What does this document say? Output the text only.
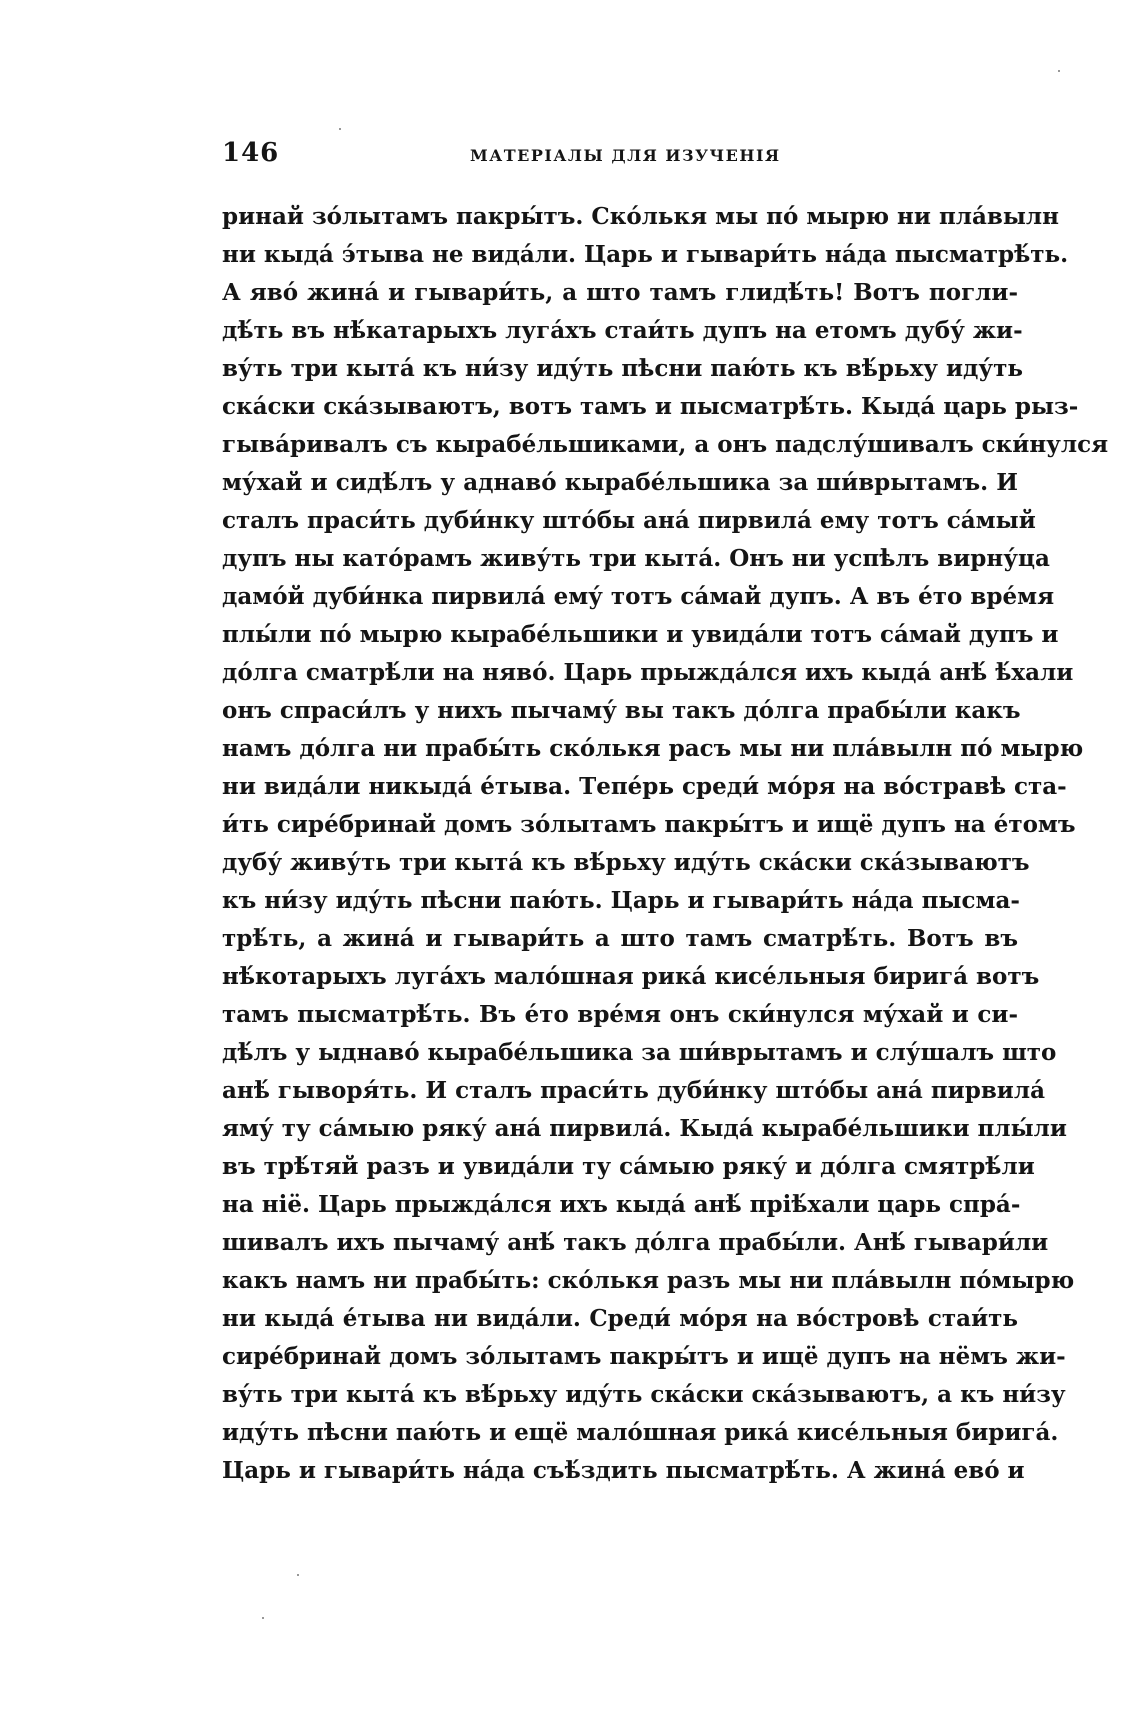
146	МАТЕРІАЛЫ ДЛЯ ИЗУЧЕНІЯ
ринай зо́лытамъ пакры́тъ. Ско́лькя мы по́ мырю ни пла́вылн
ни кыда́ э́тыва не вида́ли. Царь и гывари́ть на́да пысматрѣ́ть.
А яво́ жина́ и гывари́ть, а што тамъ глидѣ́ть! Вотъ погли-
дѣ́ть въ нѣ́катарыхъ луга́хъ стаи́ть дупъ на етомъ дубу́ жи-
ву́ть три кыта́ къ ни́зу иду́ть пѣсни паю́ть къ вѣ́рьху иду́ть
ска́ски ска́зываютъ, вотъ тамъ и пысматрѣ́ть. Кыда́ царь рыз-
гыва́ривалъ съ кырабе́льшиками, а онъ падслу́шивалъ ски́нулся
му́хай и сидѣ́лъ у аднаво́ кырабе́льшика за ши́врытамъ. И
сталъ праси́ть дуби́нку што́бы ана́ пирвила́ ему тотъ са́мый
дупъ ны като́рамъ живу́ть три кыта́. Онъ ни успѣлъ вирну́ца
дамо́й дуби́нка пирвила́ ему́ тотъ са́май дупъ. А въ е́то вре́мя
плы́ли по́ мырю кырабе́льшики и увида́ли тотъ са́май дупъ и
до́лга сматрѣ́ли на няво́. Царь прыжда́лся ихъ кыда́ анѣ́ ѣ́хали
онъ спраси́лъ у нихъ пычаму́ вы такъ до́лга прабы́ли какъ
намъ до́лга ни прабы́ть ско́лькя расъ мы ни пла́вылн по́ мырю
ни вида́ли никыда́ е́тыва. Тепе́рь среди́ мо́ря на во́стравѣ ста-
и́ть сире́бринай домъ зо́лытамъ пакры́тъ и ищё дупъ на е́томъ
дубу́ живу́ть три кыта́ къ вѣ́рьху иду́ть ска́ски ска́зываютъ
къ ни́зу иду́ть пѣсни паю́ть. Царь и гывари́ть на́да пысма-
трѣ́ть, а жина́ и гывари́ть а што тамъ сматрѣ́ть. Вотъ въ
нѣ́котарыхъ луга́хъ мало́шная рика́ кисе́льныя бирига́ вотъ
тамъ пысматрѣ́ть. Въ е́то вре́мя онъ ски́нулся му́хай и си-
дѣ́лъ у ыднаво́ кырабе́льшика за ши́врытамъ и слу́шалъ што
анѣ́ гыворя́ть. И сталъ праси́ть дуби́нку што́бы ана́ пирвила́
яму́ ту са́мыю ряку́ ана́ пирвила́. Кыда́ кырабе́льшики плы́ли
въ трѣ́тяй разъ и увида́ли ту са́мыю ряку́ и до́лга смятрѣ́ли
на нiё. Царь прыжда́лся ихъ кыда́ анѣ́ прiѣ́хали царь спра́-
шивалъ ихъ пычаму́ анѣ́ такъ до́лга прабы́ли. Анѣ́ гывари́ли
какъ намъ ни прабы́ть: ско́лькя разъ мы ни пла́вылн по́мырю
ни кыда́ е́тыва ни вида́ли. Среди́ мо́ря на во́стровѣ стаи́ть
сире́бринай домъ зо́лытамъ пакры́тъ и ищё дупъ на нёмъ жи-
ву́ть три кыта́ къ вѣ́рьху иду́ть ска́ски ска́зываютъ, а къ ни́зу
иду́ть пѣсни паю́ть и ещё мало́шная рика́ кисе́льныя бирига́.
Царь и гывари́ть на́да съѣ́здить пысматрѣ́ть. А жина́ ево́ и
